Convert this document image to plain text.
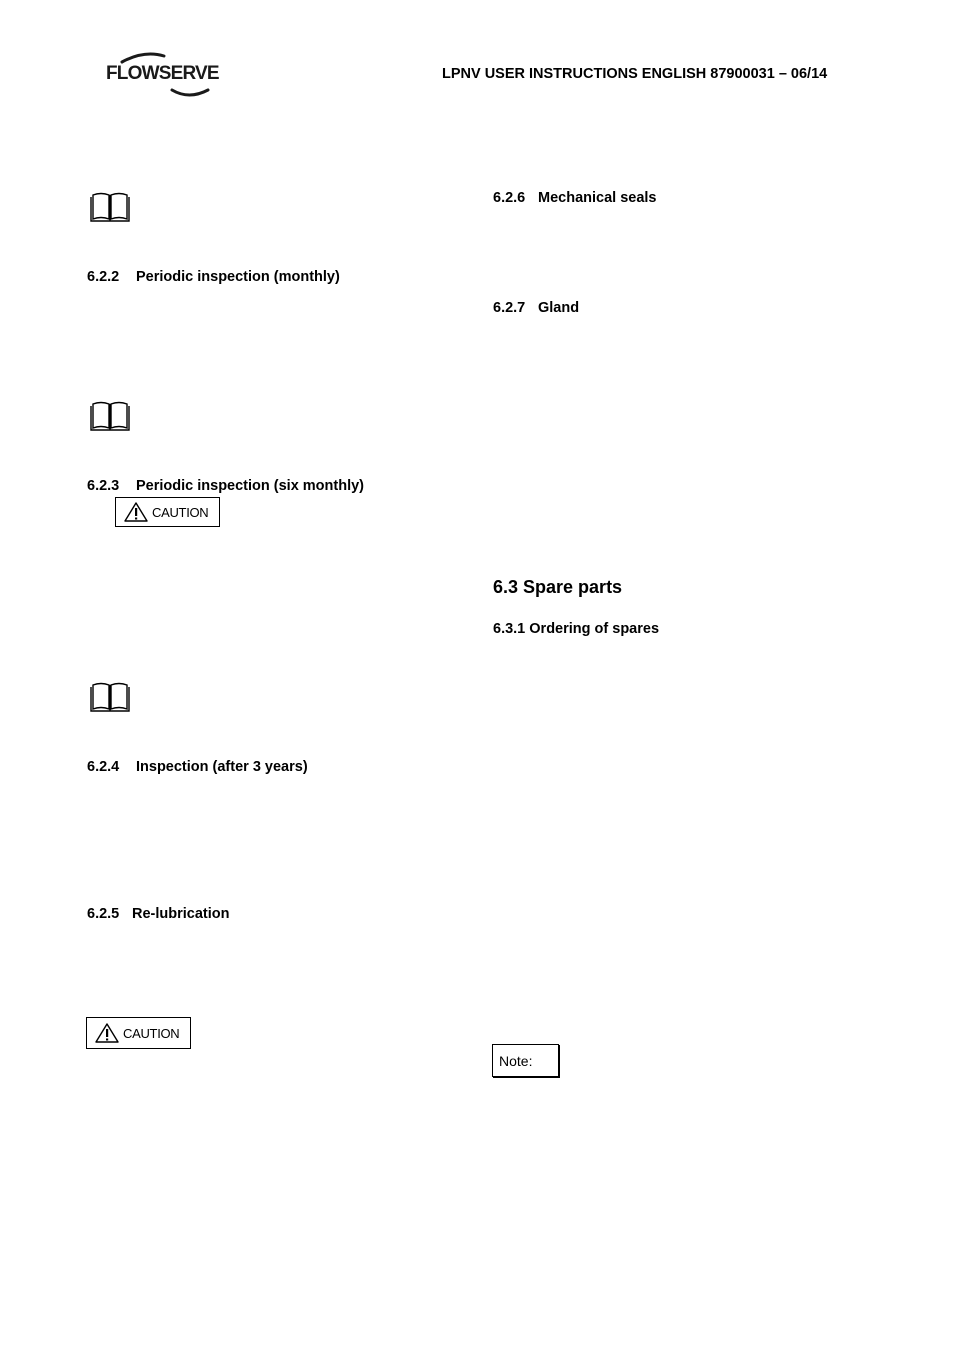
FLOWSERVE	LPNV USER INSTRUCTIONS ENGLISH 87900031 – 06/14
6.2.2 Periodic inspection (monthly)
6.2.3 Periodic inspection (six monthly)
CAUTION
6.2.4 Inspection (after 3 years)
6.2.5 Re-lubrication
CAUTION
6.2.6 Mechanical seals
6.2.7 Gland
6.3 Spare parts
6.3.1 Ordering of spares
Note:
